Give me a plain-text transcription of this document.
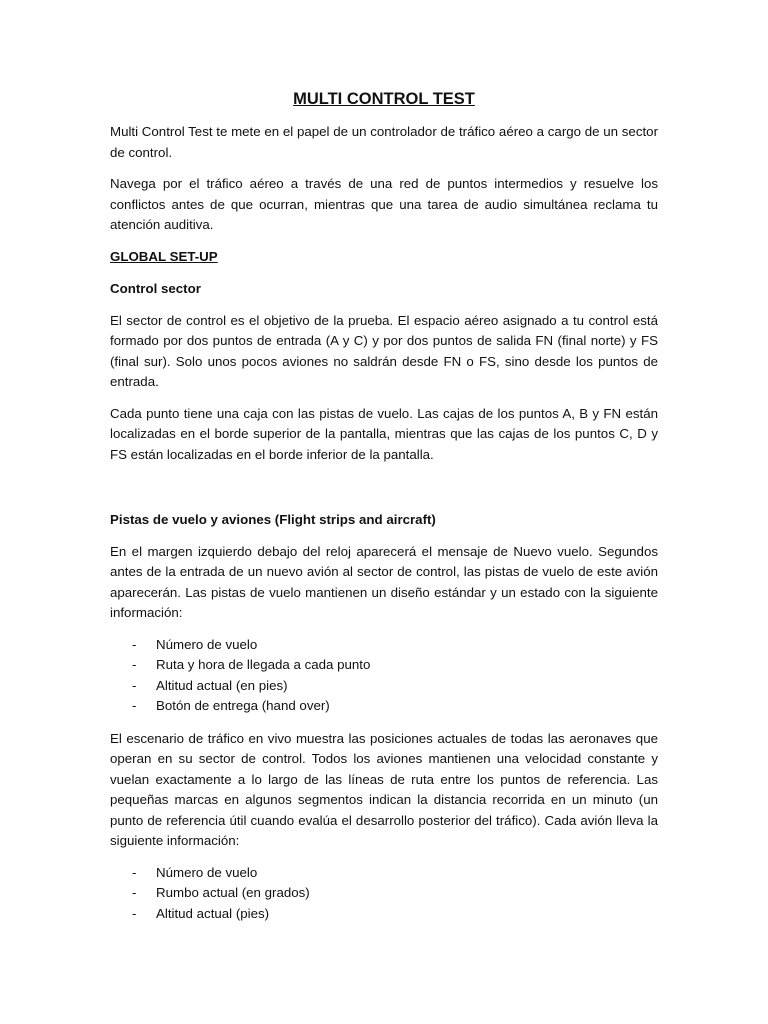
MULTI CONTROL TEST

Multi Control Test te mete en el papel de un controlador de tráfico aéreo a cargo de un sector de control.

Navega por el tráfico aéreo a través de una red de puntos intermedios y resuelve los conflictos antes de que ocurran, mientras que una tarea de audio simultánea reclama tu atención auditiva.

GLOBAL SET-UP
Control sector

El sector de control es el objetivo de la prueba. El espacio aéreo asignado a tu control está formado por dos puntos de entrada (A y C) y por dos puntos de salida FN (final norte) y FS (final sur). Solo unos pocos aviones no saldrán desde FN o FS, sino desde los puntos de entrada.

Cada punto tiene una caja con las pistas de vuelo. Las cajas de los puntos A, B y FN están localizadas en el borde superior de la pantalla, mientras que las cajas de los puntos C, D y FS están localizadas en el borde inferior de la pantalla.

Pistas de vuelo y aviones (Flight strips and aircraft)

En el margen izquierdo debajo del reloj aparecerá el mensaje de Nuevo vuelo. Segundos antes de la entrada de un nuevo avión al sector de control, las pistas de vuelo de este avión aparecerán. Las pistas de vuelo mantienen un diseño estándar y un estado con la siguiente información:

- Número de vuelo
- Ruta y hora de llegada a cada punto
- Altitud actual (en pies)
- Botón de entrega (hand over)

El escenario de tráfico en vivo muestra las posiciones actuales de todas las aeronaves que operan en su sector de control. Todos los aviones mantienen una velocidad constante y vuelan exactamente a lo largo de las líneas de ruta entre los puntos de referencia. Las pequeñas marcas en algunos segmentos indican la distancia recorrida en un minuto (un punto de referencia útil cuando evalúa el desarrollo posterior del tráfico). Cada avión lleva la siguiente información:

- Número de vuelo
- Rumbo actual (en grados)
- Altitud actual (pies)
